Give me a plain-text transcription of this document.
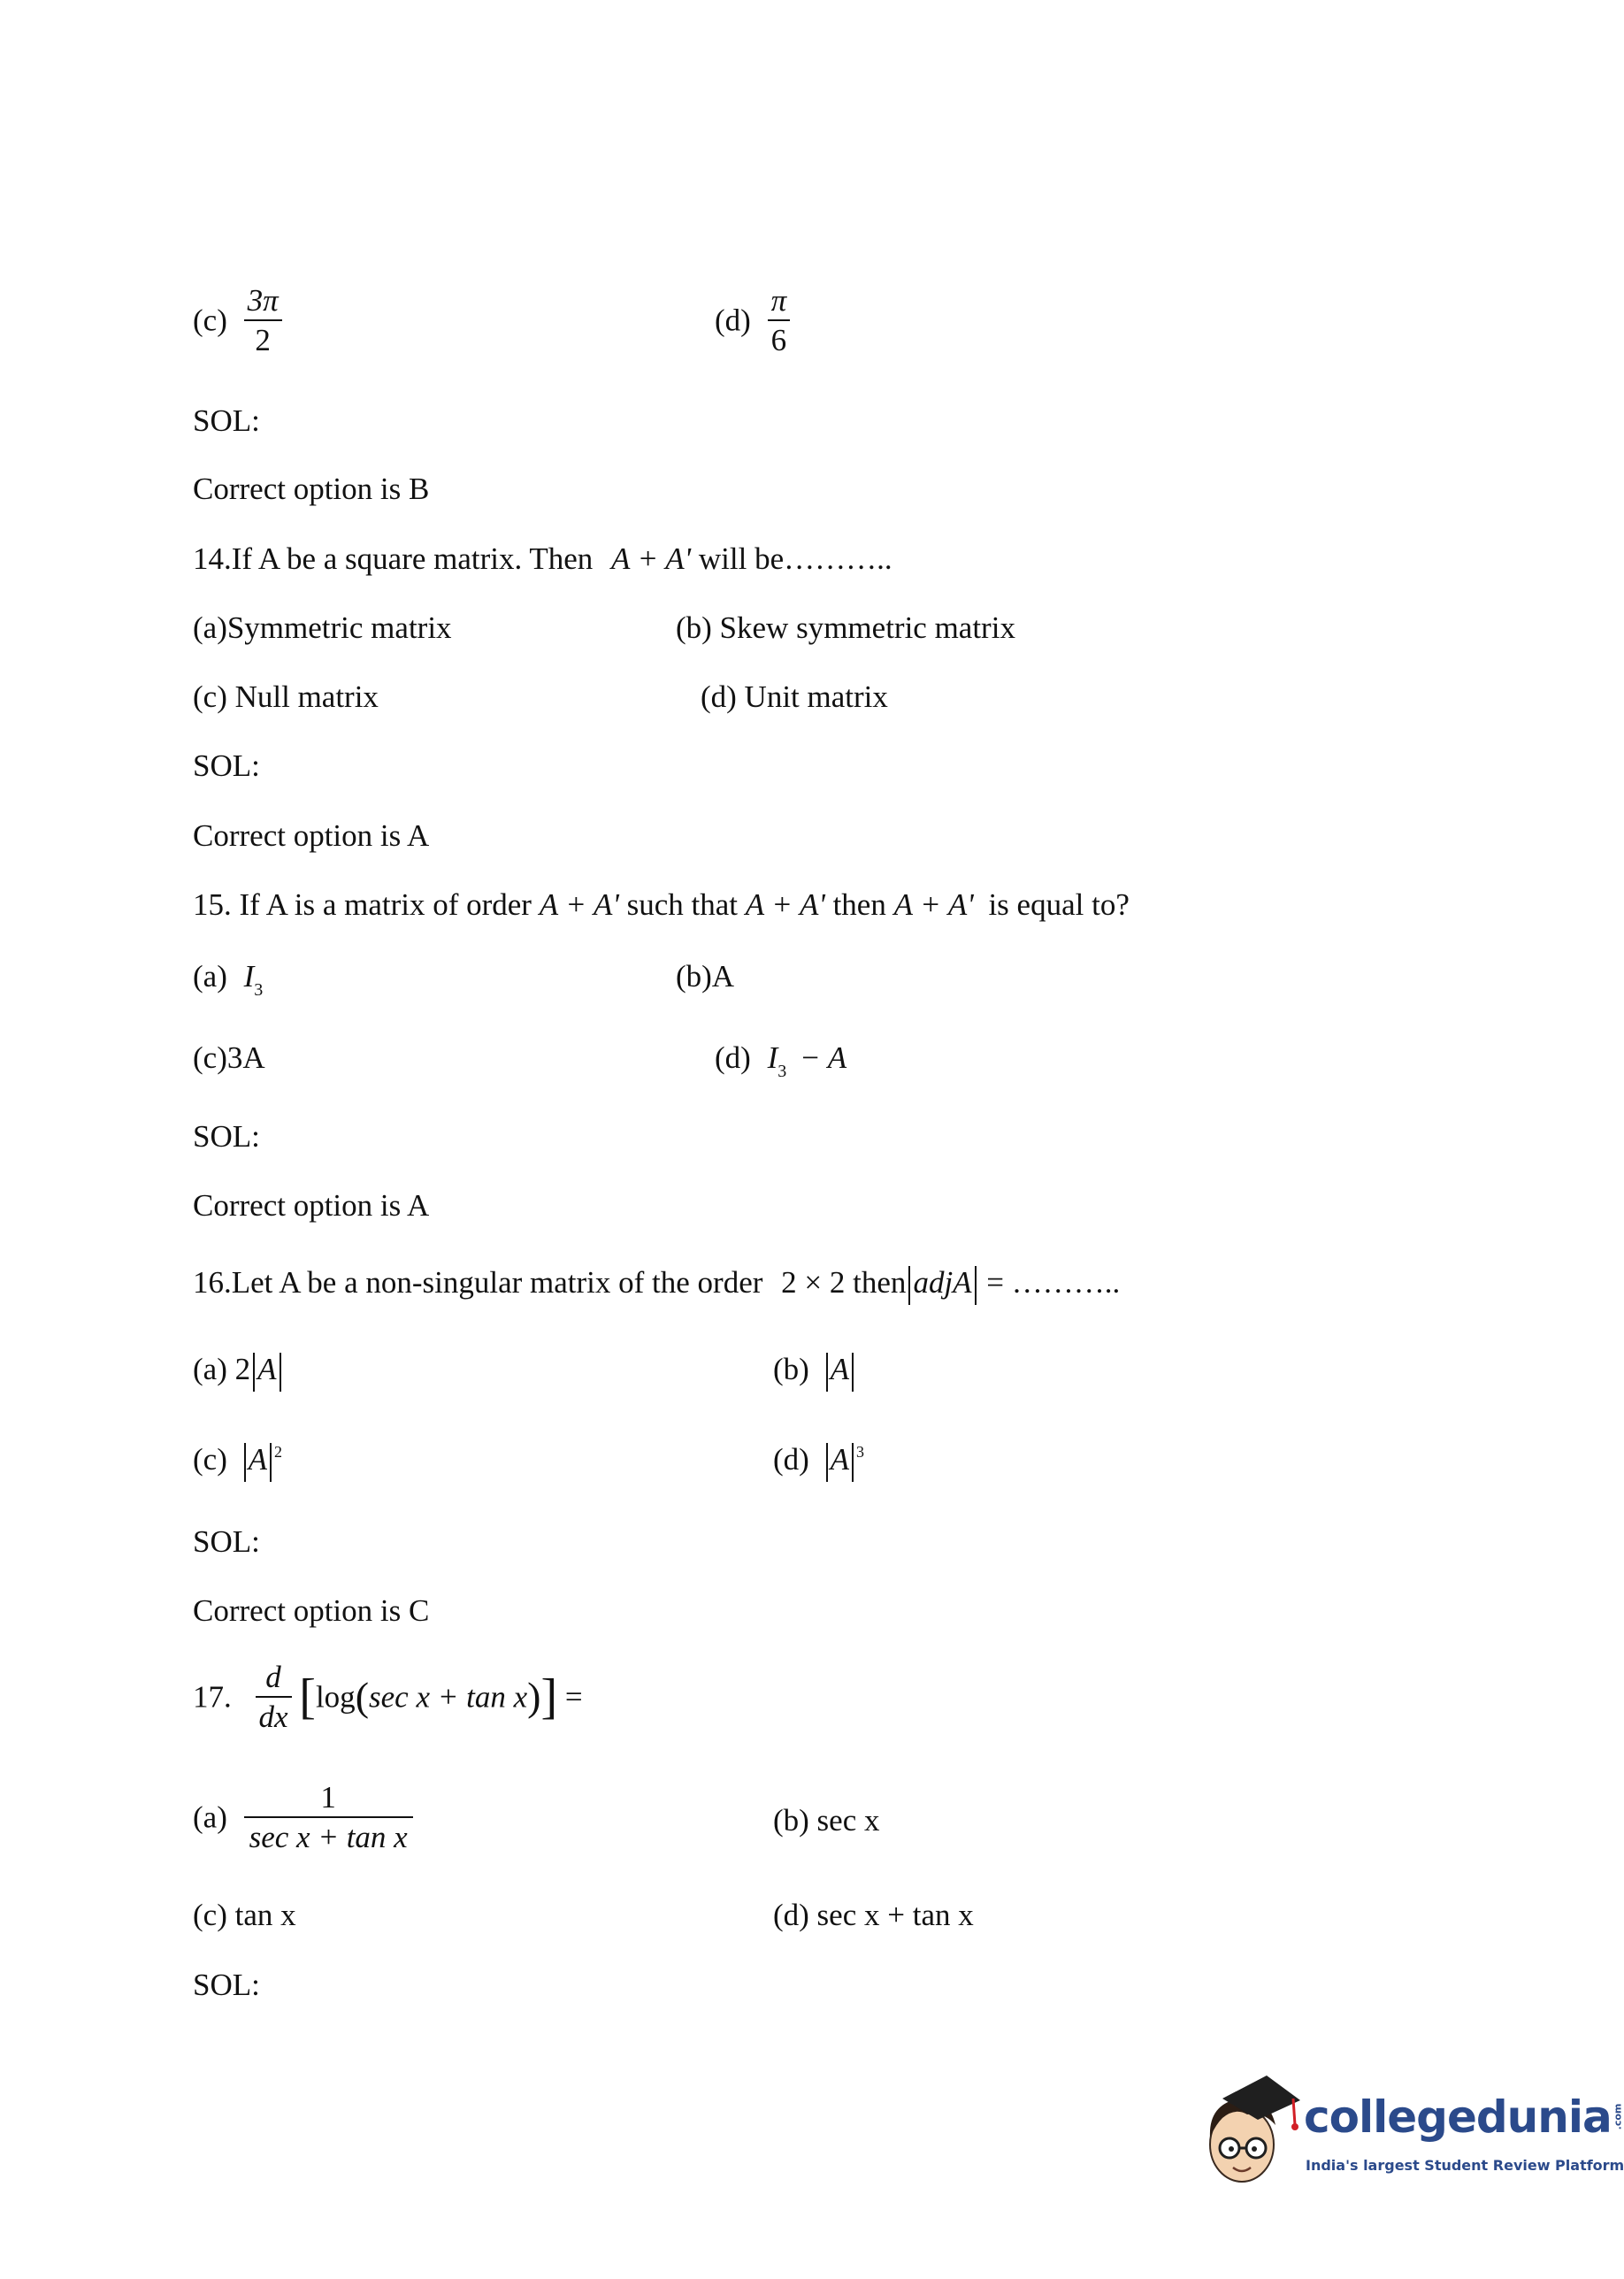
$(c) \frac{3\pi}{2}$	$(d) \frac{\pi}{6}$
SOL:
Correct option is B
14.If A be a square matrix. Then A + A' will be………..
(a)Symmetric matrix	(b) Skew symmetric matrix
(c) Null matrix	(d) Unit matrix
SOL:
Correct option is A
15. If A is a matrix of order A + A' such that A + A' then A + A' is equal to?
(a) $I_3$	(b)A
(c)3A	(d) $I_3 - A$
SOL:
Correct option is A
16.Let A be a non-singular matrix of the order 2 × 2 then adjA = ………..
(a) 2 A	(b) A
(c) A $^2$	(d) A $^3$
SOL:
Correct option is C
17. $\frac{d}{dx} [\log(\sec$ x + tan x)] =
$(a) \frac{1}{\text{sec x + tan x}}$	(b) sec x
(c) tan x	(d) sec x + tan x
SOL:
collegedunia.com
India's largest Student Review Platform
